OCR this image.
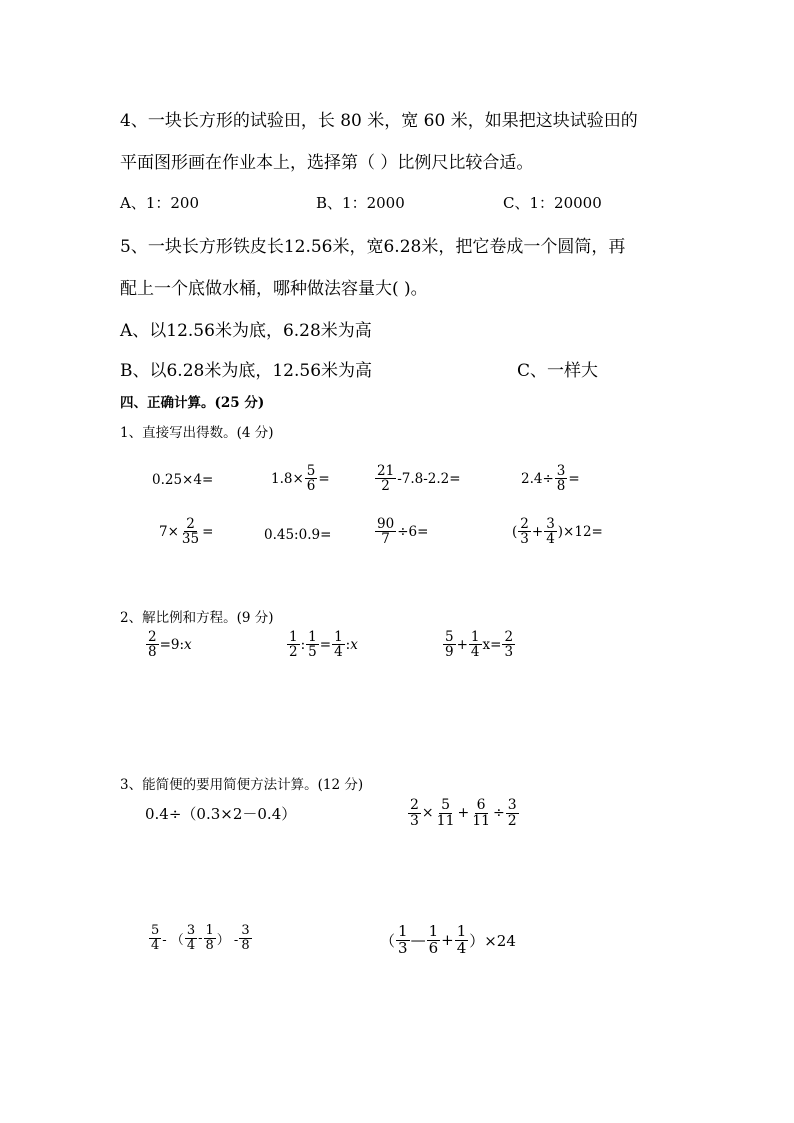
4、一块长方形的试验田，长 80 米，宽 60 米，如果把这块试验田的
平面图形画在作业本上，选择第（ ）比例尺比较合适。
A、1：200	B、1：2000	C、1：20000
5、一块长方形铁皮长12.56米，宽6.28米，把它卷成一个圆筒，再
配上一个底做水桶，哪种做法容量大( )。
A、以12.56米为底，6.28米为高
B、以6.28米为底，12.56米为高	C、一样大
四、正确计算。(25 分)
1、直接写出得数。(4 分)
0.25×4=	$1.8\times \frac{5}{6}$ =	$\frac{21}{2} -7.8-2.2=$	$2.4\div \frac{3}{8}$ =
$7\times \frac{2}{35}$ =	0.45:0.9=	$\frac{90}{7} \div 6=$	( $\frac{2}{3} + \frac{3}{4} )\times 12=$
2、解比例和方程。(9 分)
$\frac{2}{8} =9$: x	$\frac{1}{2}$ : $\frac{1}{5} = \frac{1}{4}$ : x	$\frac{5}{9} + \frac{1}{4} x= \frac{2}{3}$
3、能简便的要用简便方法计算。(12 分)
0.4÷（0.3×2－0.4）	$\frac{2}{3} \times \frac{5}{11} + \frac{6}{11} \div \frac{3}{2}$
$\frac{5}{4}$ - （ $\frac{3}{4} - \frac{1}{8}$ ） - $\frac{3}{8}$	（ $\frac{1}{3}$ — $\frac{1}{6} + \frac{1}{4} )\times 24$
